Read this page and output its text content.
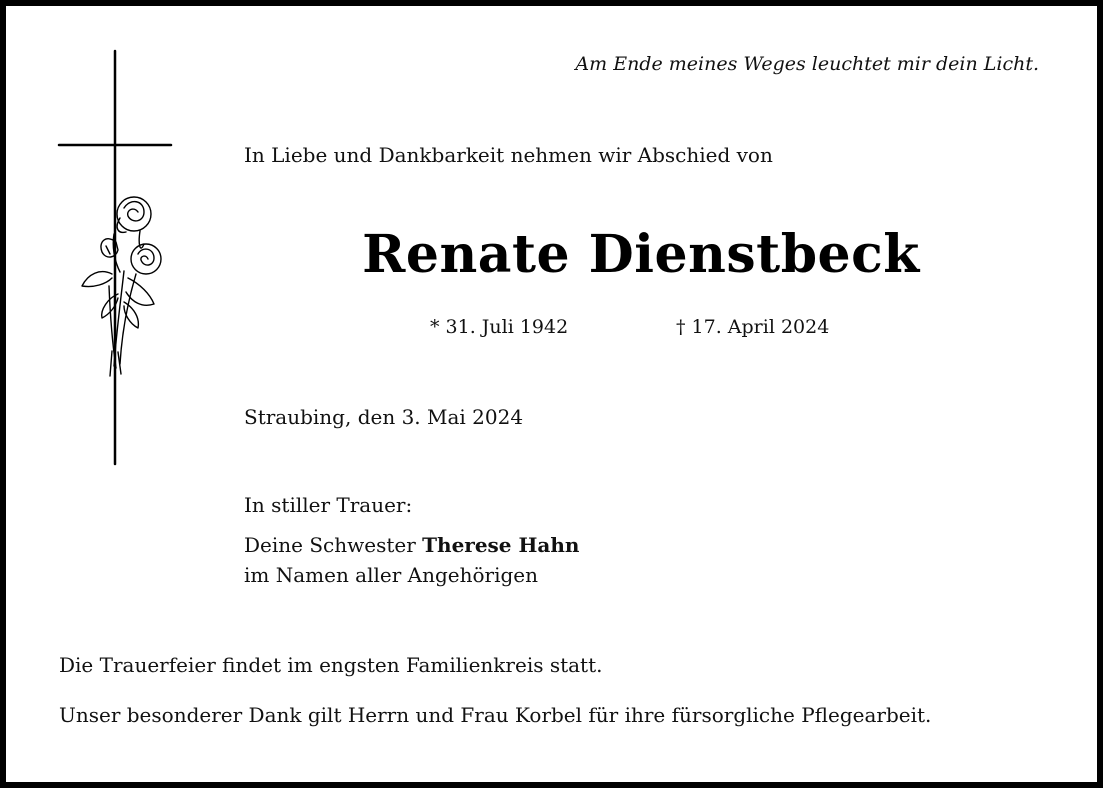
Am Ende meines Weges leuchtet mir dein Licht.
In Liebe und Dankbarkeit nehmen wir Abschied von
Renate Dienstbeck
* 31. Juli 1942	† 17. April 2024
Straubing, den 3. Mai 2024
In stiller Trauer:
Deine Schwester Therese Hahn
im Namen aller Angehörigen
Die Trauerfeier findet im engsten Familienkreis statt.
Unser besonderer Dank gilt Herrn und Frau Korbel für ihre fürsorgliche Pflegearbeit.
